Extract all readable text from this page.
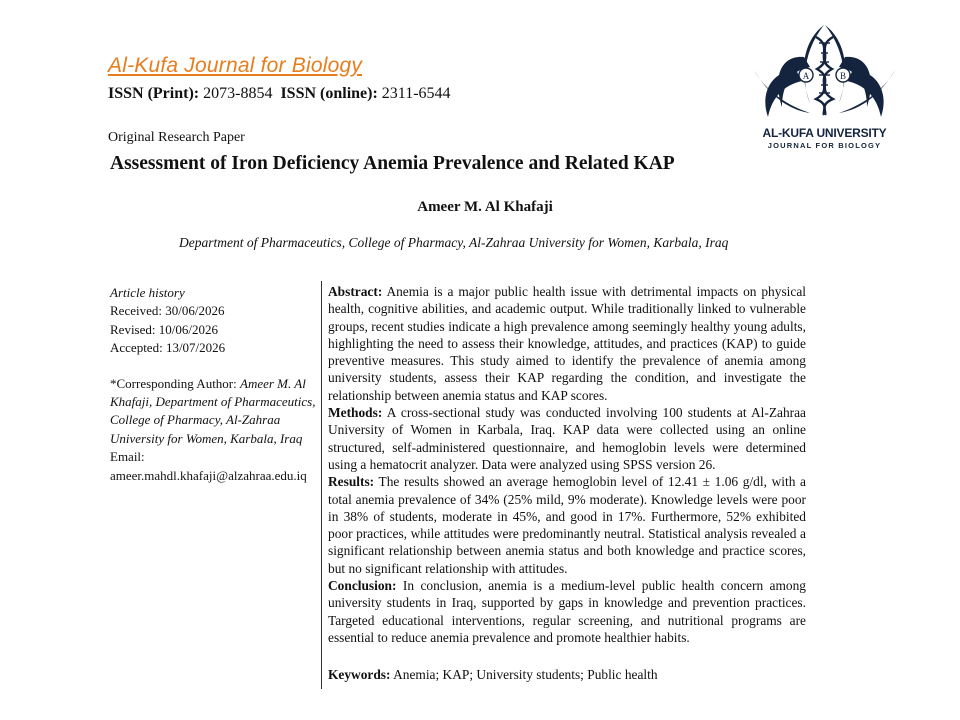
Al-Kufa Journal for Biology
ISSN (Print): 2073-8854 ISSN (online): 2311-6544
A	B
AL-KUFA UNIVERSITY
JOURNAL FOR BIOLOGY
Original Research Paper
Assessment of Iron Deficiency Anemia Prevalence and Related KAP
Ameer M. Al Khafaji
Department of Pharmaceutics, College of Pharmacy, Al-Zahraa University for Women, Karbala, Iraq
Article history
Received: 30/06/2026
Revised: 10/06/2026
Accepted: 13/07/2026
*Corresponding Author: Ameer M. Al Khafaji, Department of Pharmaceutics, College of Pharmacy, Al-Zahraa University for Women, Karbala, Iraq
Email:
ameer.mahdl.khafaji@alzahraa.edu.iq

Abstract: Anemia is a major public health issue with detrimental impacts on physical health, cognitive abilities, and academic output. While traditionally linked to vulnerable groups, recent studies indicate a high prevalence among seemingly healthy young adults, highlighting the need to assess their knowledge, attitudes, and practices (KAP) to guide preventive measures. This study aimed to identify the prevalence of anemia among university students, assess their KAP regarding the condition, and investigate the relationship between anemia status and KAP scores.

Methods: A cross-sectional study was conducted involving 100 students at Al-Zahraa University of Women in Karbala, Iraq. KAP data were collected using an online structured, self-administered questionnaire, and hemoglobin levels were determined using a hematocrit analyzer. Data were analyzed using SPSS version 26.

Results: The results showed an average hemoglobin level of 12.41 ± 1.06 g/dl, with a total anemia prevalence of 34% (25% mild, 9% moderate). Knowledge levels were poor in 38% of students, moderate in 45%, and good in 17%. Furthermore, 52% exhibited poor practices, while attitudes were predominantly neutral. Statistical analysis revealed a significant relationship between anemia status and both knowledge and practice scores, but no significant relationship with attitudes.

Conclusion: In conclusion, anemia is a medium-level public health concern among university students in Iraq, supported by gaps in knowledge and prevention practices. Targeted educational interventions, regular screening, and nutritional programs are essential to reduce anemia prevalence and promote healthier habits.

Keywords: Anemia; KAP; University students; Public health
